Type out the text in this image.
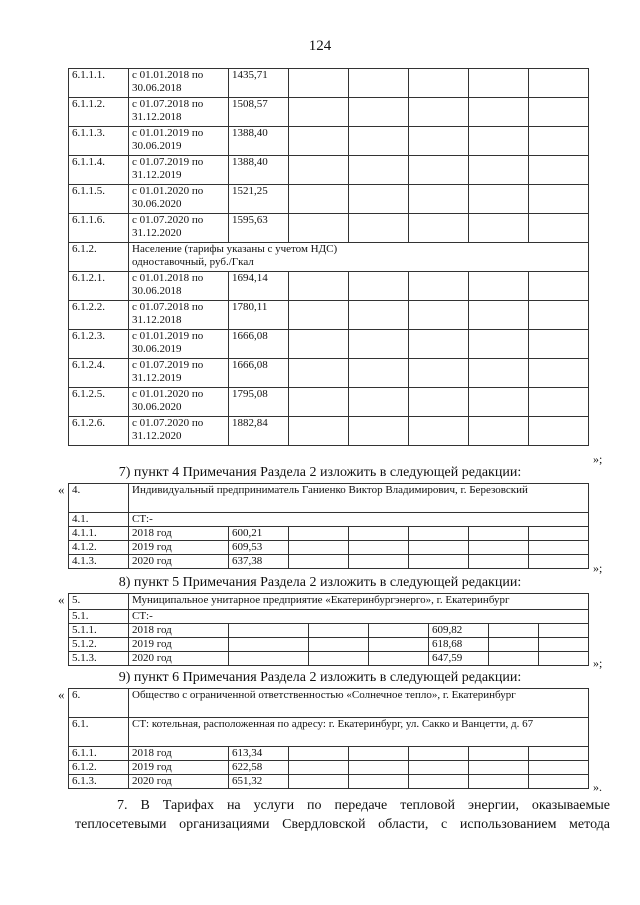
124
6.1.1.1.	с 01.01.2018 по 30.06.2018	1435,71					
6.1.1.2.	с 01.07.2018 по 31.12.2018	1508,57					
6.1.1.3.	с 01.01.2019 по 30.06.2019	1388,40					
6.1.1.4.	с 01.07.2019 по 31.12.2019	1388,40					
6.1.1.5.	с 01.01.2020 по 30.06.2020	1521,25					
6.1.1.6.	с 01.07.2020 по 31.12.2020	1595,63					
6.1.2.	Население (тарифы указаны с учетом НДС)
одноставочный, руб./Гкал						

6.1.2.1.	с 01.01.2018 по 30.06.2018	1694,14					
6.1.2.2.	с 01.07.2018 по 31.12.2018	1780,11					
6.1.2.3.	с 01.01.2019 по 30.06.2019	1666,08					
6.1.2.4.	с 01.07.2019 по 31.12.2019	1666,08					
6.1.2.5.	с 01.01.2020 по 30.06.2020	1795,08					
6.1.2.6.	с 01.07.2020 по 31.12.2020	1882,84					
»;
7) пункт 4 Примечания Раздела 2 изложить в следующей редакции:
« 4.	Индивидуальный предприниматель Ганиенко Виктор Владимирович, г. Березовский						
4.1.	СТ:-						
4.1.1.	2018 год	600,21					
4.1.2.	2019 год	609,53					
4.1.3.	2020 год	637,38						»;
8) пункт 5 Примечания Раздела 2 изложить в следующей редакции:
« 5.	Муниципальное унитарное предприятие «Екатеринбургэнерго», г. Екатеринбург						
5.1.	СТ:-						
5.1.1.	2018 год				609,82		
5.1.2.	2019 год				618,68		
5.1.3.	2020 год				647,59			»;
9) пункт 6 Примечания Раздела 2 изложить в следующей редакции:
« 6.	Общество с ограниченной ответственностью «Солнечное тепло», г. Екатеринбург						
6.1.	СТ: котельная, расположенная по адресу: г. Екатеринбург, ул. Сакко и Ванцетти, д. 67						
6.1.1.	2018 год	613,34					
6.1.2.	2019 год	622,58					
6.1.3.	2020 год	651,32						».

7. В Тарифах на услуги по передаче тепловой энергии, оказываемые

теплосетевыми организациями Свердловской области, с использованием метода
